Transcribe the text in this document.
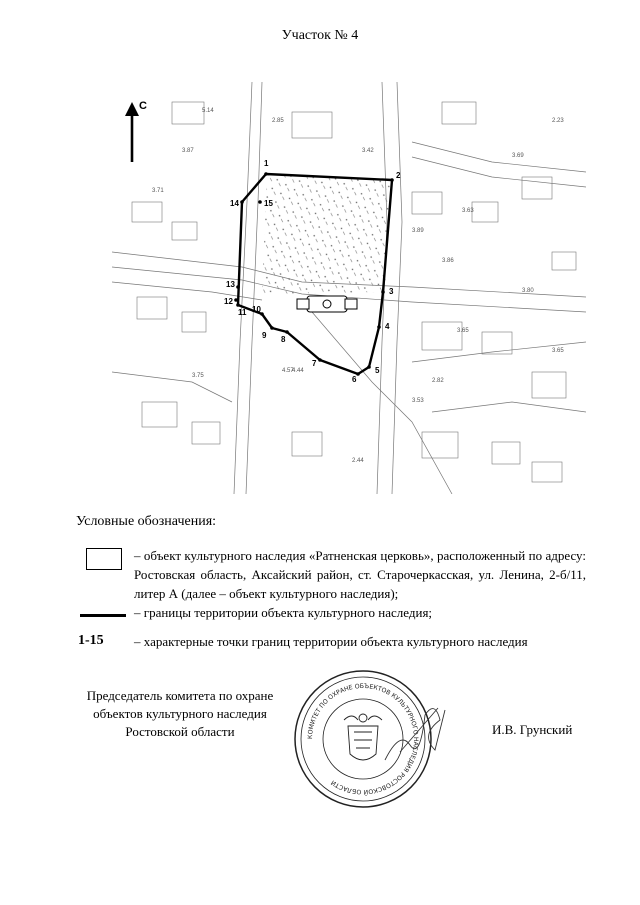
Участок № 4
3.42
2.85
3.87
3.71
2.23
5.14
3.69
3.63
4.57
3.89
3.86
3.65
4.44
3.80
2.82
3.53
3.65
2.44
3.75
1
2
3
4
5
6
7
8
9
10
11
12
13
14	15
С
Условные обозначения:
– объект культурного наследия «Ратненская церковь», расположенный по адресу: Ростовская область, Аксайский район, ст. Старочеркасская, ул. Ленина, 2-б/11, литер А (далее – объект культурного наследия);
– границы территории объекта культурного наследия;
1-15 – характерные точки границ территории объекта культурного наследия
Председатель комитета по охране объектов культурного наследия Ростовской области	КОМИТЕТ ПО ОХРАНЕ ОБЪЕКТОВ КУЛЬТУРНОГО НАСЛЕДИЯ РОСТОВСКОЙ ОБЛАСТИ
И.В. Грунский
